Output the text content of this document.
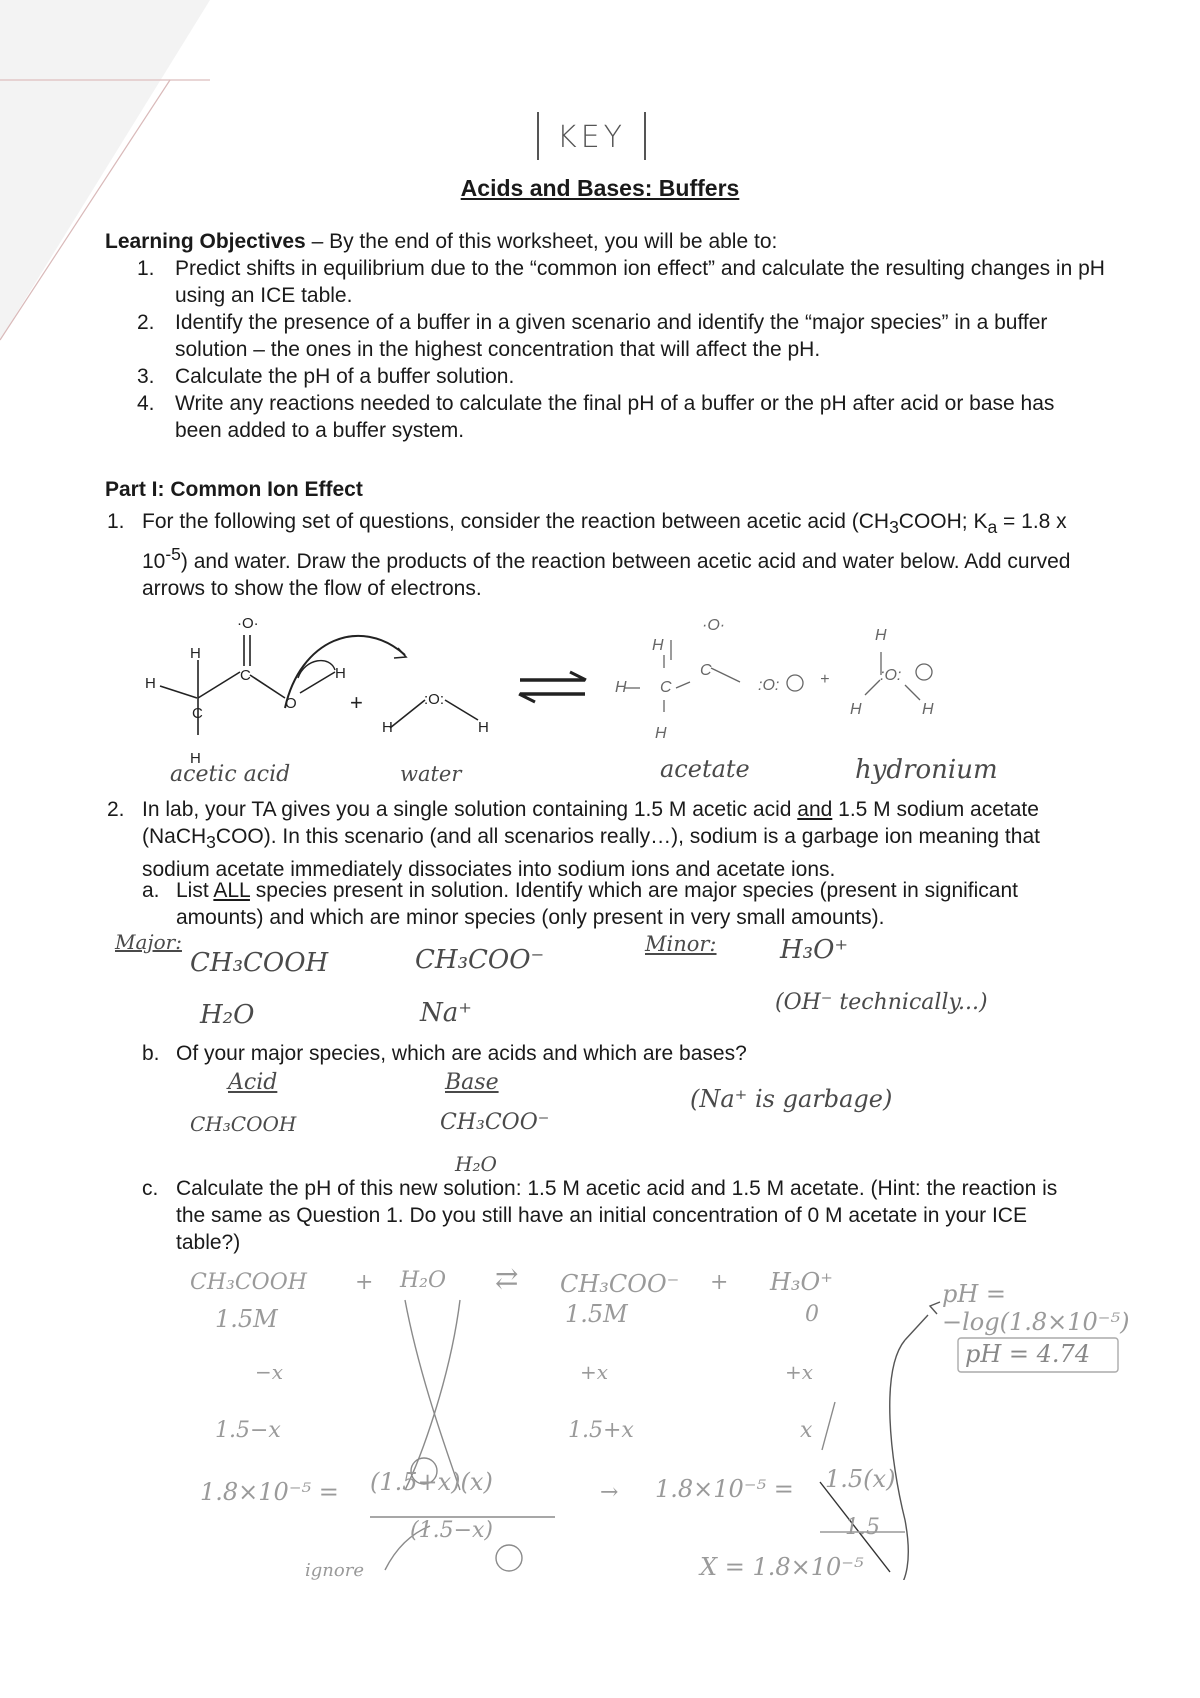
KEY
Acids and Bases: Buffers
Learning Objectives – By the end of this worksheet, you will be able to:
1. Predict shifts in equilibrium due to the “common ion effect” and calculate the resulting changes in pH using an ICE table.
2. Identify the presence of a buffer in a given scenario and identify the “major species” in a buffer solution – the ones in the highest concentration that will affect the pH.
3. Calculate the pH of a buffer solution.
4. Write any reactions needed to calculate the final pH of a buffer or the pH after acid or base has been added to a buffer system.
Part I: Common Ion Effect
1. For the following set of questions, consider the reaction between acetic acid ($CH_3COOH$; $K_a = 1.8$ x $10^{-5}$) and water. Draw the products of the reaction between acetic acid and water below. Add curved arrows to show the flow of electrons.
H
H
C
H
·O·
C
O
H
+
H
:O:
H
H
H C
·O·
C
:O:
H
+
H
:O:
H	H
acetic acid	water	acetate	hydronium
2. In lab, your TA gives you a single solution containing 1.5 M acetic acid and 1.5 M sodium acetate (NaCH$_3$COO). In this scenario (and all scenarios really…), sodium is a garbage ion meaning that sodium acetate immediately dissociates into sodium ions and acetate ions.
a. List ALL species present in solution. Identify which are major species (present in significant amounts) and which are minor species (only present in very small amounts).
Major:
CH₃COOH	CH₃COO⁻
Minor: H₃O⁺
H₂O	Na⁺	(OH⁻ technically...)
b. Of your major species, which are acids and which are bases?
Acid	Base
CH₃COOH	CH₃COO⁻
H₂O
(Na⁺ is garbage)
c. Calculate the pH of this new solution: 1.5 M acetic acid and 1.5 M acetate. (Hint: the reaction is the same as Question 1. Do you still have an initial concentration of 0 M acetate in your ICE table?)
CH₃COOH + H₂O ⇄ CH₃COO⁻ + H₃O⁺
1.5M	1.5M	0
−x	+x	+x
1.5−x	1.5+x	x
1.8×10⁻⁵ = (1.5+x)(x)
(1.5−x)
→ 1.8×10⁻⁵ = 1.5(x)
1.5
ignore	X = 1.8×10⁻⁵
pH = −log(1.8×10⁻⁵)
pH = 4.74
